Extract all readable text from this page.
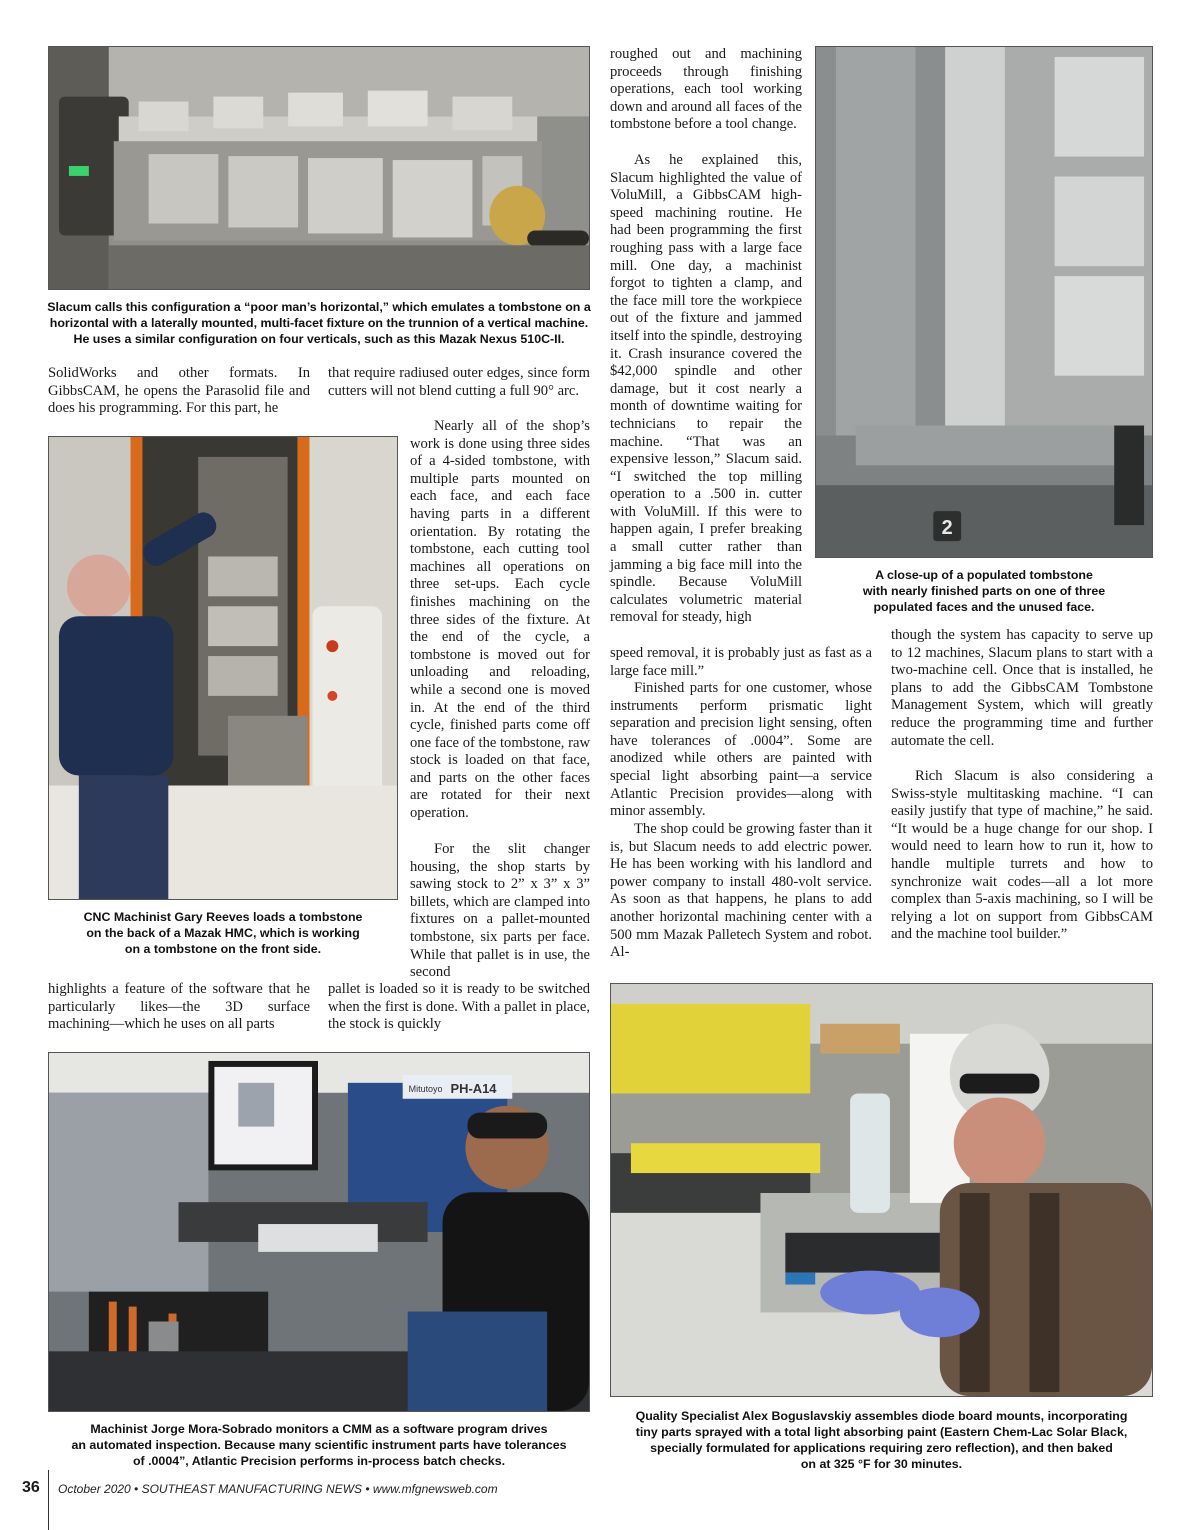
Slacum calls this configuration a “poor man’s horizontal,” which emulates a tombstone on a
horizontal with a laterally mounted, multi-facet fixture on the trunnion of a vertical machine.
He uses a similar configuration on four verticals, such as this Mazak Nexus 510C-II.
2
A close-up of a populated tombstone
with nearly finished parts on one of three
populated faces and the unused face.

SolidWorks and other formats. In GibbsCAM, he opens the Parasolid file and does his programming. For this part, he

that require radiused outer edges, since form cutters will not blend cutting a full 90° arc.

Nearly all of the shop’s work is done using three sides of a 4-sided tombstone, with multiple parts mounted on each face, and each face having parts in a different orientation. By rotating the tombstone, each cutting tool machines all operations on three set-ups. Each cycle finishes machining on the three sides of the fixture. At the end of the cycle, a tombstone is moved out for unloading and reloading, while a second one is moved in. At the end of the third cycle, finished parts come off one face of the tombstone, raw stock is loaded on that face, and parts on the other faces are rotated for their next operation.

For the slit changer housing, the shop starts by sawing stock to 2” x 3” x 3” billets, which are clamped into fixtures on a pallet-mounted tombstone, six parts per face. While that pallet is in use, the second

CNC Machinist Gary Reeves loads a tombstone
on the back of a Mazak HMC, which is working
on a tombstone on the front side.

highlights a feature of the software that he particularly likes—the 3D surface machining—which he uses on all parts

pallet is loaded so it is ready to be switched when the first is done. With a pallet in place, the stock is quickly

roughed out and machining proceeds through finishing operations, each tool working down and around all faces of the tombstone before a tool change.

As he explained this, Slacum highlighted the value of VoluMill, a GibbsCAM high-speed machining routine. He had been programming the first roughing pass with a large face mill. One day, a machinist forgot to tighten a clamp, and the face mill tore the workpiece out of the fixture and jammed itself into the spindle, destroying it. Crash insurance covered the $42,000 spindle and other damage, but it cost nearly a month of downtime waiting for technicians to repair the machine. “That was an expensive lesson,” Slacum said. “I switched the top milling operation to a .500 in. cutter with VoluMill. If this were to happen again, I prefer breaking a small cutter rather than jamming a big face mill into the spindle. Because VoluMill calculates volumetric material removal for steady, high

speed removal, it is probably just as fast as a large face mill.”

Finished parts for one customer, whose instruments perform prismatic light separation and precision light sensing, often have tolerances of .0004”. Some are anodized while others are painted with special light absorbing paint—a service Atlantic Precision provides—along with minor assembly.

The shop could be growing faster than it is, but Slacum needs to add electric power. He has been working with his landlord and power company to install 480-volt service. As soon as that happens, he plans to add another horizontal machining center with a 500 mm Mazak Palletech System and robot. Al-

though the system has capacity to serve up to 12 machines, Slacum plans to start with a two-machine cell. Once that is installed, he plans to add the GibbsCAM Tombstone Management System, which will greatly reduce the programming time and further automate the cell.

Rich Slacum is also considering a Swiss-style multitasking machine. “I can easily justify that type of machine,” he said. “It would be a huge change for our shop. I would need to learn how to run it, how to handle multiple turrets and how to synchronize wait codes—all a lot more complex than 5-axis machining, so I will be relying a lot on support from GibbsCAM and the machine tool builder.”

Mitutoyo PH-A14
Machinist Jorge Mora-Sobrado monitors a CMM as a software program drives
an automated inspection. Because many scientific instrument parts have tolerances
of .0004”, Atlantic Precision performs in-process batch checks.
Quality Specialist Alex Boguslavskiy assembles diode board mounts, incorporating
tiny parts sprayed with a total light absorbing paint (Eastern Chem-Lac Solar Black,
specially formulated for applications requiring zero reflection), and then baked
on at 325 °F for 30 minutes.
36 October 2020 • SOUTHEAST MANUFACTURING NEWS • www.mfgnewsweb.com
